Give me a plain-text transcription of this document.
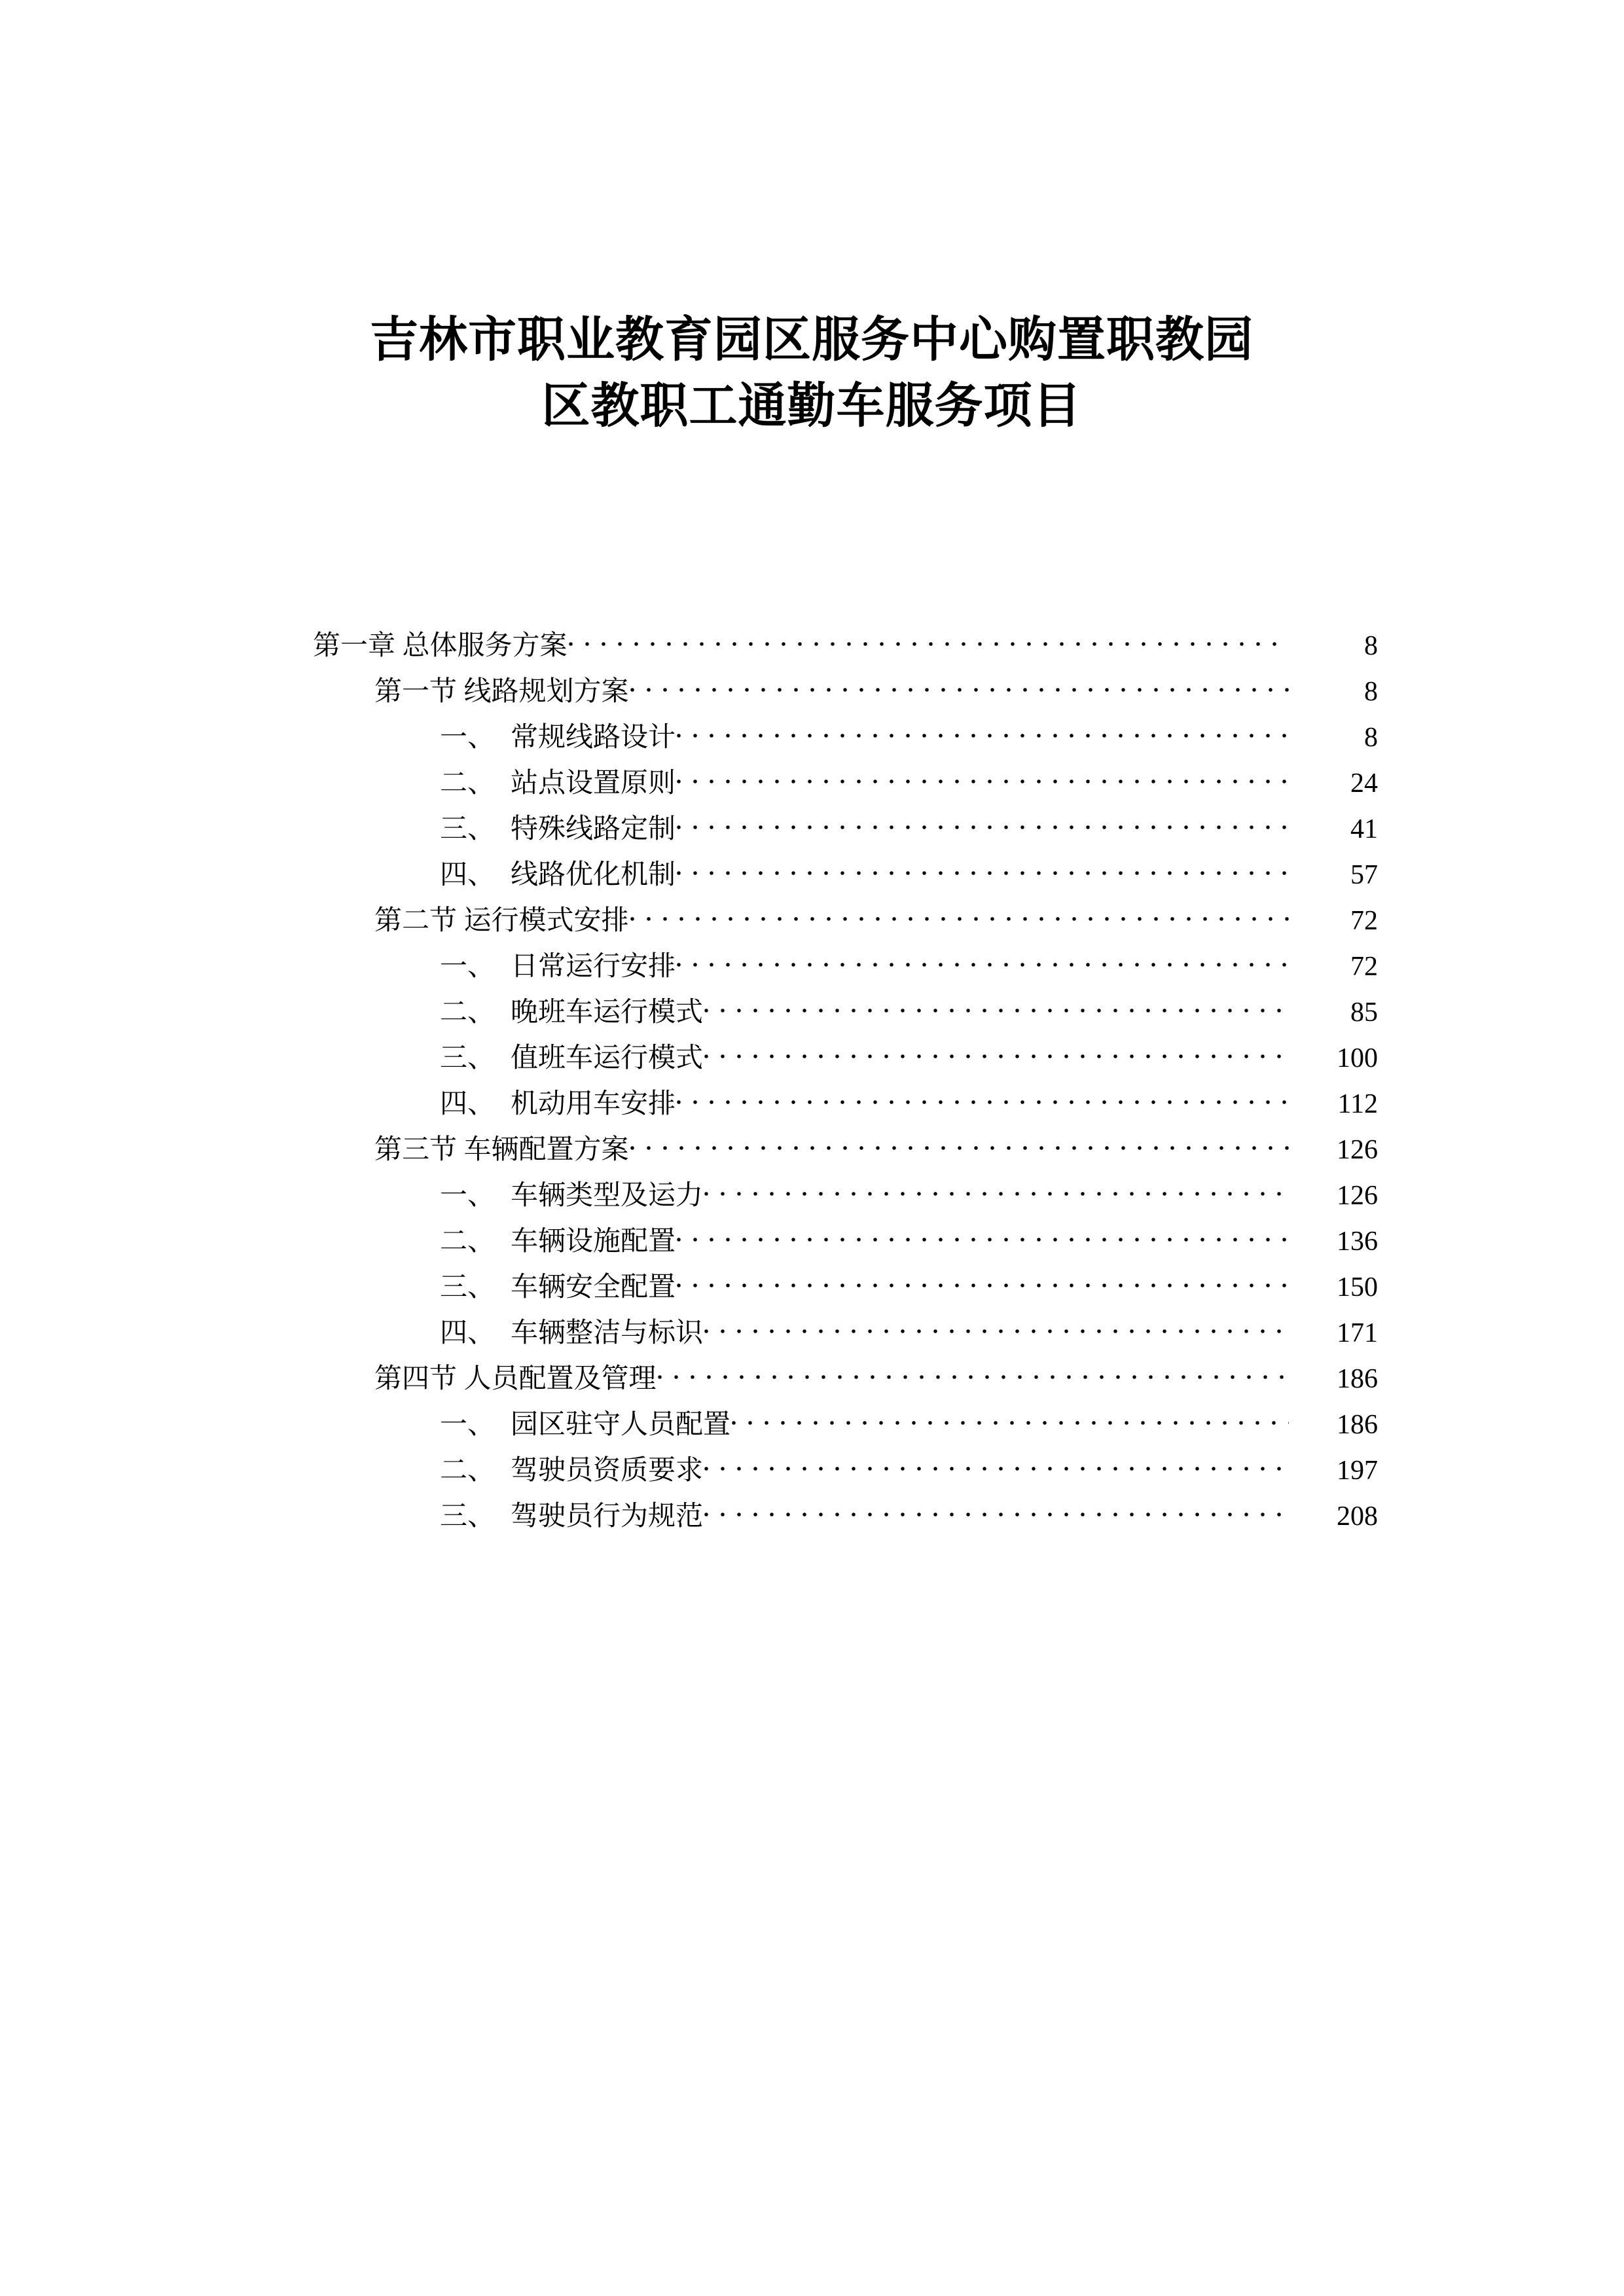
吉林市职业教育园区服务中心购置职教园
区教职工通勤车服务项目
第一章 总体服务方案	8
第一节 线路规划方案	8
一、 常规线路设计	8
二、 站点设置原则	24
三、 特殊线路定制	41
四、 线路优化机制	57
第二节 运行模式安排	72
一、 日常运行安排	72
二、 晚班车运行模式	85
三、 值班车运行模式	100
四、 机动用车安排	112
第三节 车辆配置方案	126
一、 车辆类型及运力	126
二、 车辆设施配置	136
三、 车辆安全配置	150
四、 车辆整洁与标识	171
第四节 人员配置及管理	186
一、 园区驻守人员配置	186
二、 驾驶员资质要求	197
三、 驾驶员行为规范	208
